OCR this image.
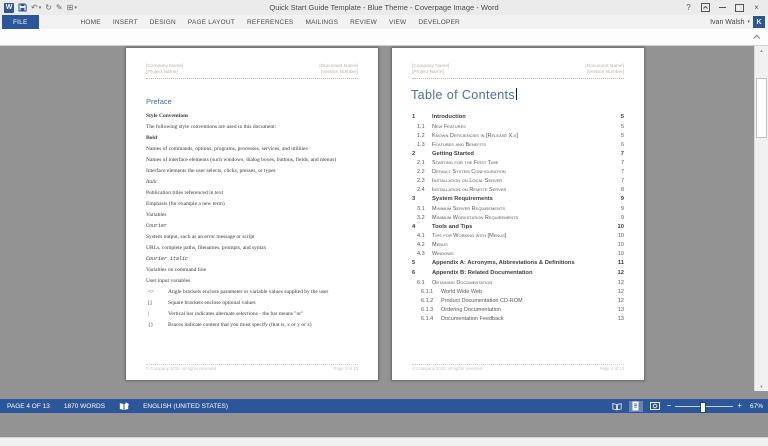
W ↶ ▾ ↻ ✎ ⊞ ▾	Quick Start Guide Template - Blue Theme - Coverpage Image - Word	?	×
FILE	HOME	INSERT	DESIGN	PAGE LAYOUT	REFERENCES	MAILINGS	REVIEW	VIEW	DEVELOPER	Ivan Walsh ▾ K
[Company Name]
[Project Name]
[Document Name]
[Version Number]
Preface
Style Conventions
The following style conventions are used in this document:
Bold
Names of commands, options, programs, processes, services, and utilities
Names of interface elements (such windows, dialog boxes, buttons, fields, and menus)
Interface elements the user selects, clicks, presses, or types
Italic
Publication titles referenced in text
Emphasis (for example a new term)
Variables
Courier
System output, such as an error message or script
URLs, complete paths, filenames, prompts, and syntax
Courier italic
Variables on command line
User input variables
<>	Angle brackets enclose parameter or variable values supplied by the user
[]	Square brackets enclose optional values
|	Vertical bar indicates alternate selections - the bar means "or"
{}	Braces indicate content that you must specify (that is, x or y or z)
© Company 2015. All rights reserved.	Page 3 of 13
[Company Name]
[Project Name]
[Document Name]
[Version Number]
Table of Contents
1	Introduction	5
1.1	New Features	5
1.2	Known Deficiencies in [Release X.x]	5
1.3	Features and Benefits	6
2	Getting Started	7
2.1	Starting for the First Time	7
2.2	Default System Configuration	7
2.3	Installation on Local Server	7
2.4	Installation on Remote Server	8
3	System Requirements	9
3.1	Minimum Server Requirements	9
3.2	Minimum Workstation Requirements	9
4	Tools and Tips	10
4.1	Tips for Working with [Menus]	10
4.2	Menus	10
4.3	Windows	10
5	Appendix A: Acronyms, Abbreviations & Definitions	11
6	Appendix B: Related Documentation	12
6.1	Obtaining Documentation	12
6.1.1	World Wide Web	12
6.1.2	Product Documentation CD-ROM	12
6.1.3	Ordering Documentation	13
6.1.4	Documentation Feedback	13
© Company 2015. All rights reserved.	Page 4 of 13
▲
▼
PAGE 4 OF 13	1870 WORDS	ENGLISH (UNITED STATES)	−	+	67%
